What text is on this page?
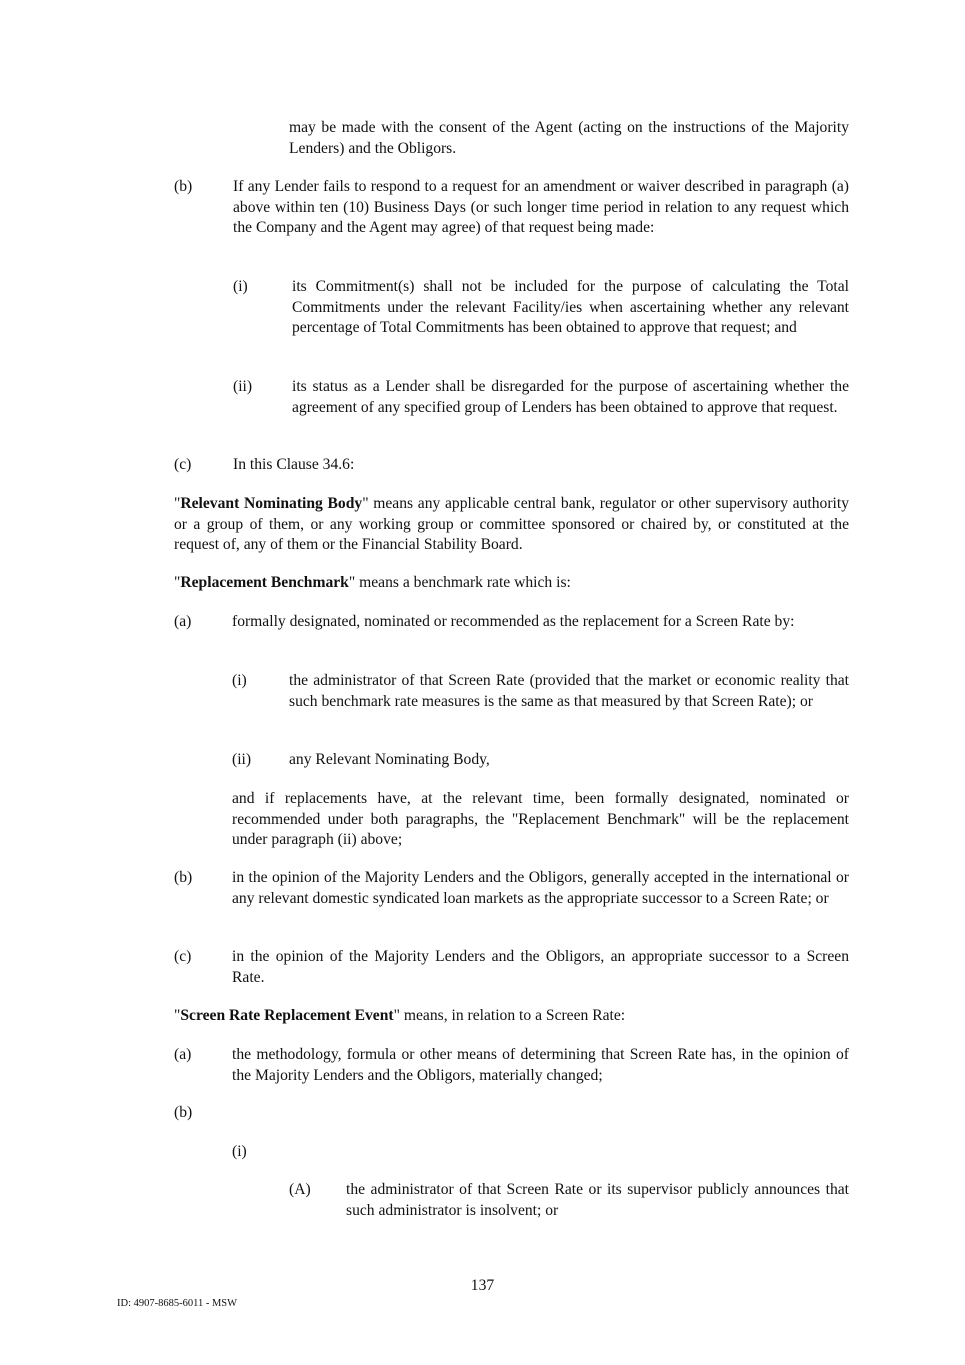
may be made with the consent of the Agent (acting on the instructions of the Majority Lenders) and the Obligors.

(b)	If any Lender fails to respond to a request for an amendment or waiver described in paragraph (a) above within ten (10) Business Days (or such longer time period in relation to any request which the Company and the Agent may agree) of that request being made:

(i)	its Commitment(s) shall not be included for the purpose of calculating the Total Commitments under the relevant Facility/ies when ascertaining whether any relevant percentage of Total Commitments has been obtained to approve that request; and

(ii)	its status as a Lender shall be disregarded for the purpose of ascertaining whether the agreement of any specified group of Lenders has been obtained to approve that request.

(c)	In this Clause 34.6:

"Relevant Nominating Body" means any applicable central bank, regulator or other supervisory authority or a group of them, or any working group or committee sponsored or chaired by, or constituted at the request of, any of them or the Financial Stability Board.

"Replacement Benchmark" means a benchmark rate which is:

(a)	formally designated, nominated or recommended as the replacement for a Screen Rate by:

(i)	the administrator of that Screen Rate (provided that the market or economic reality that such benchmark rate measures is the same as that measured by that Screen Rate); or

(ii) any Relevant Nominating Body,

and if replacements have, at the relevant time, been formally designated, nominated or recommended under both paragraphs, the "Replacement Benchmark" will be the replacement under paragraph (ii) above;

(b)	in the opinion of the Majority Lenders and the Obligors, generally accepted in the international or any relevant domestic syndicated loan markets as the appropriate successor to a Screen Rate; or

(c)	in the opinion of the Majority Lenders and the Obligors, an appropriate successor to a Screen Rate.

"Screen Rate Replacement Event" means, in relation to a Screen Rate:

(a)	the methodology, formula or other means of determining that Screen Rate has, in the opinion of the Majority Lenders and the Obligors, materially changed;

(b)

(i)

(A) the administrator of that Screen Rate or its supervisor publicly announces that such administrator is insolvent; or

137
ID: 4907-8685-6011 - MSW
